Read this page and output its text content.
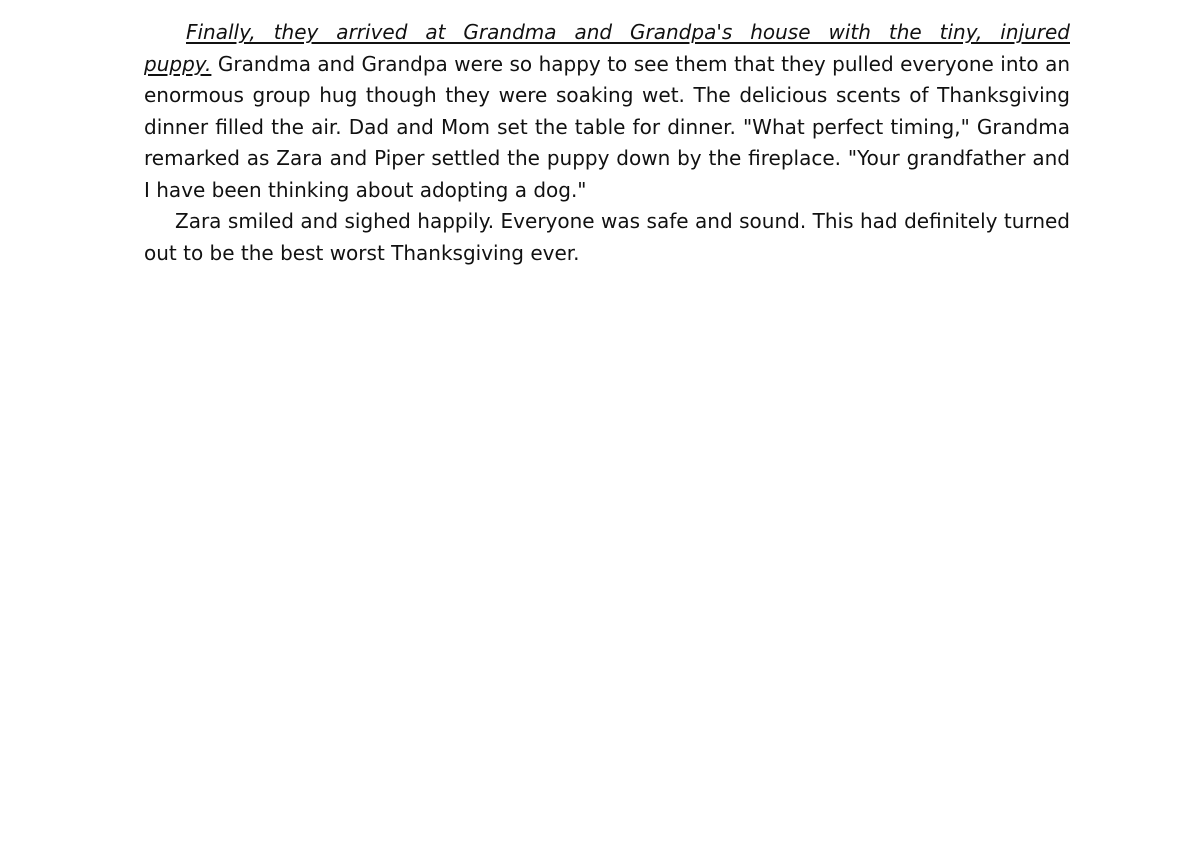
Finally, they arrived at Grandma and Grandpa's house with the tiny, injured puppy. Grandma and Grandpa were so happy to see them that they pulled everyone into an enormous group hug though they were soaking wet. The delicious scents of Thanksgiving dinner filled the air. Dad and Mom set the table for dinner. "What perfect timing," Grandma remarked as Zara and Piper settled the puppy down by the fireplace. "Your grandfather and I have been thinking about adopting a dog."

Zara smiled and sighed happily. Everyone was safe and sound. This had definitely turned out to be the best worst Thanksgiving ever.
